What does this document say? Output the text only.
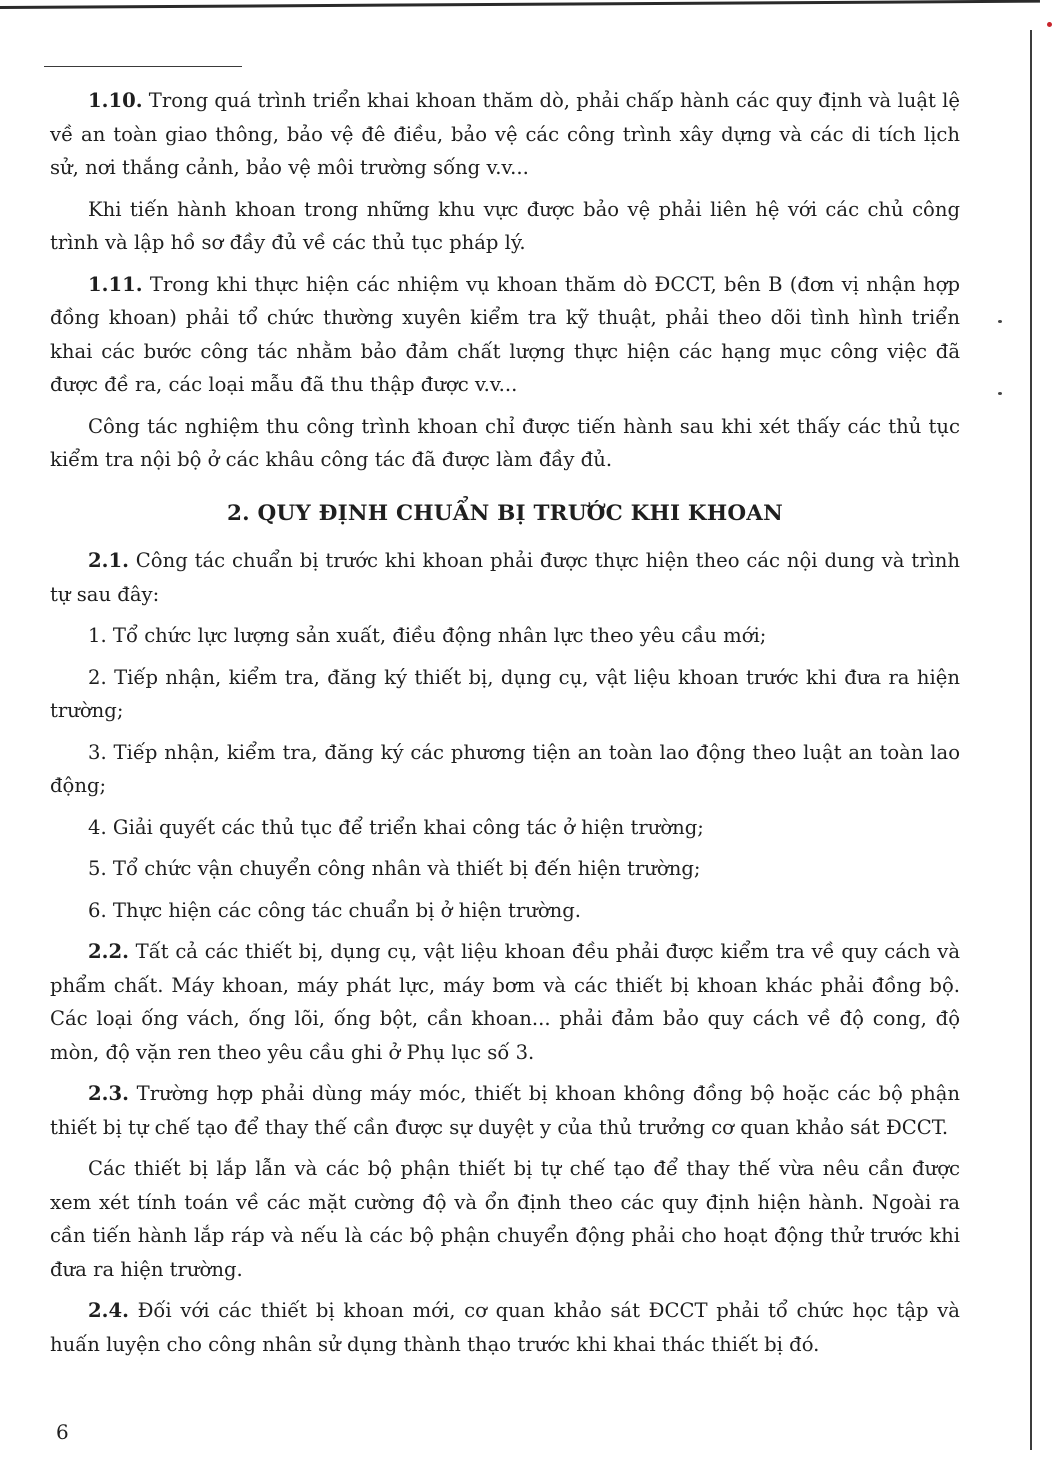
1.10. Trong quá trình triển khai khoan thăm dò, phải chấp hành các quy định và luật lệ về an toàn giao thông, bảo vệ đê điều, bảo vệ các công trình xây dựng và các di tích lịch sử, nơi thắng cảnh, bảo vệ môi trường sống v.v...

Khi tiến hành khoan trong những khu vực được bảo vệ phải liên hệ với các chủ công trình và lập hồ sơ đầy đủ về các thủ tục pháp lý.

1.11. Trong khi thực hiện các nhiệm vụ khoan thăm dò ĐCCT, bên B (đơn vị nhận hợp đồng khoan) phải tổ chức thường xuyên kiểm tra kỹ thuật, phải theo dõi tình hình triển khai các bước công tác nhằm bảo đảm chất lượng thực hiện các hạng mục công việc đã được đề ra, các loại mẫu đã thu thập được v.v...

Công tác nghiệm thu công trình khoan chỉ được tiến hành sau khi xét thấy các thủ tục kiểm tra nội bộ ở các khâu công tác đã được làm đầy đủ.

2. QUY ĐỊNH CHUẨN BỊ TRƯỚC KHI KHOAN

2.1. Công tác chuẩn bị trước khi khoan phải được thực hiện theo các nội dung và trình tự sau đây:

1. Tổ chức lực lượng sản xuất, điều động nhân lực theo yêu cầu mới;

2. Tiếp nhận, kiểm tra, đăng ký thiết bị, dụng cụ, vật liệu khoan trước khi đưa ra hiện trường;

3. Tiếp nhận, kiểm tra, đăng ký các phương tiện an toàn lao động theo luật an toàn lao động;

4. Giải quyết các thủ tục để triển khai công tác ở hiện trường;

5. Tổ chức vận chuyển công nhân và thiết bị đến hiện trường;

6. Thực hiện các công tác chuẩn bị ở hiện trường.

2.2. Tất cả các thiết bị, dụng cụ, vật liệu khoan đều phải được kiểm tra về quy cách và phẩm chất. Máy khoan, máy phát lực, máy bơm và các thiết bị khoan khác phải đồng bộ. Các loại ống vách, ống lõi, ống bột, cần khoan... phải đảm bảo quy cách về độ cong, độ mòn, độ vặn ren theo yêu cầu ghi ở Phụ lục số 3.

2.3. Trường hợp phải dùng máy móc, thiết bị khoan không đồng bộ hoặc các bộ phận thiết bị tự chế tạo để thay thế cần được sự duyệt y của thủ trưởng cơ quan khảo sát ĐCCT.

Các thiết bị lắp lẫn và các bộ phận thiết bị tự chế tạo để thay thế vừa nêu cần được xem xét tính toán về các mặt cường độ và ổn định theo các quy định hiện hành. Ngoài ra cần tiến hành lắp ráp và nếu là các bộ phận chuyển động phải cho hoạt động thử trước khi đưa ra hiện trường.

2.4. Đối với các thiết bị khoan mới, cơ quan khảo sát ĐCCT phải tổ chức học tập và huấn luyện cho công nhân sử dụng thành thạo trước khi khai thác thiết bị đó.

6
